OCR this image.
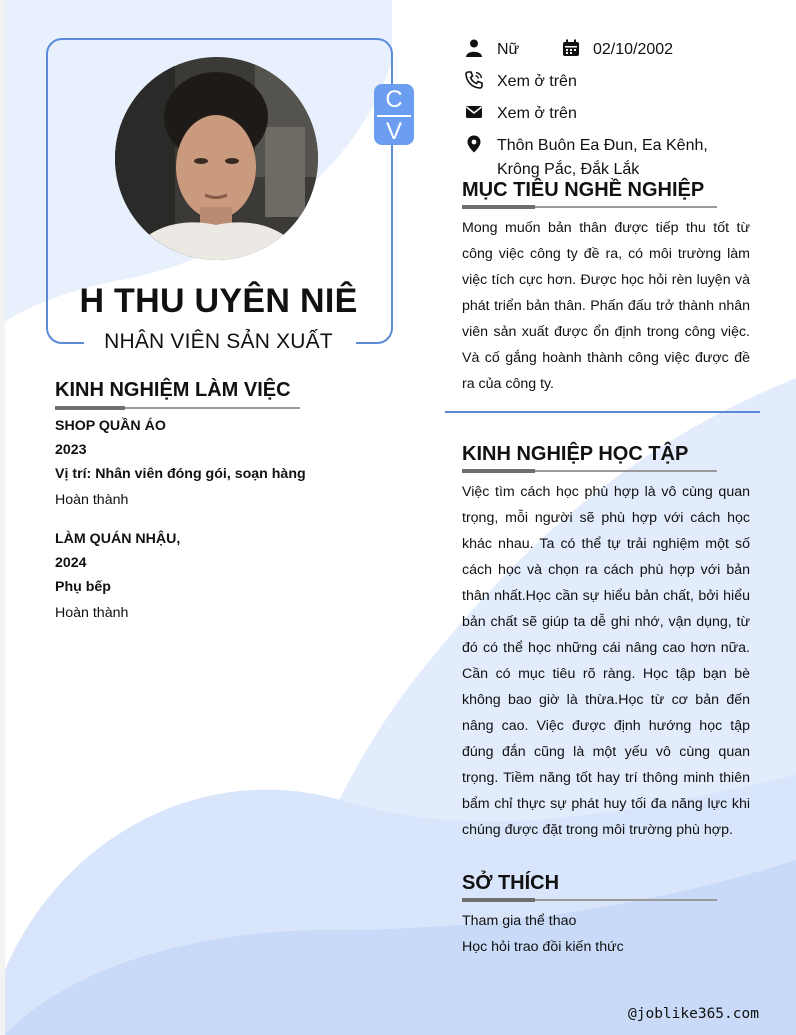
C
V
H THU UYÊN NIÊ
NHÂN VIÊN SẢN XUẤT
Nữ	02/10/2002
Xem ở trên
Xem ở trên
Thôn Buôn Ea Đun, Ea Kênh,
Krông Pắc, Đắk Lắk
KINH NGHIỆM LÀM VIỆC
SHOP QUẦN ÁO
2023
Vị trí: Nhân viên đóng gói, soạn hàng
Hoàn thành
LÀM QUÁN NHẬU,
2024
Phụ bếp
Hoàn thành
MỤC TIÊU NGHỀ NGHIỆP
Mong muốn bản thân được tiếp thu tốt từ công việc công ty đề ra, có môi trường làm việc tích cực hơn. Được học hỏi rèn luyện và phát triển bản thân. Phấn đấu trở thành nhân viên sản xuất được ổn định trong công việc. Và cố gắng hoành thành công việc được đề ra của công ty.
KINH NGHIỆP HỌC TẬP
Việc tìm cách học phù hợp là vô cùng quan trọng, mỗi người sẽ phù hợp với cách học khác nhau. Ta có thể tự trải nghiệm một số cách học và chọn ra cách phù hợp với bản thân nhất.Học cần sự hiểu bản chất, bởi hiểu bản chất sẽ giúp ta dễ ghi nhớ, vận dụng, từ đó có thể học những cái nâng cao hơn nữa. Cần có mục tiêu rõ ràng. Học tập bạn bè không bao giờ là thừa.Học từ cơ bản đến nâng cao. Việc được định hướng học tập đúng đắn cũng là một yếu vô cùng quan trọng. Tiềm năng tốt hay trí thông minh thiên bẩm chỉ thực sự phát huy tối đa năng lực khi chúng được đặt trong môi trường phù hợp.
SỞ THÍCH
Tham gia thể thao
Học hỏi trao đồi kiến thức
@joblike365.com
